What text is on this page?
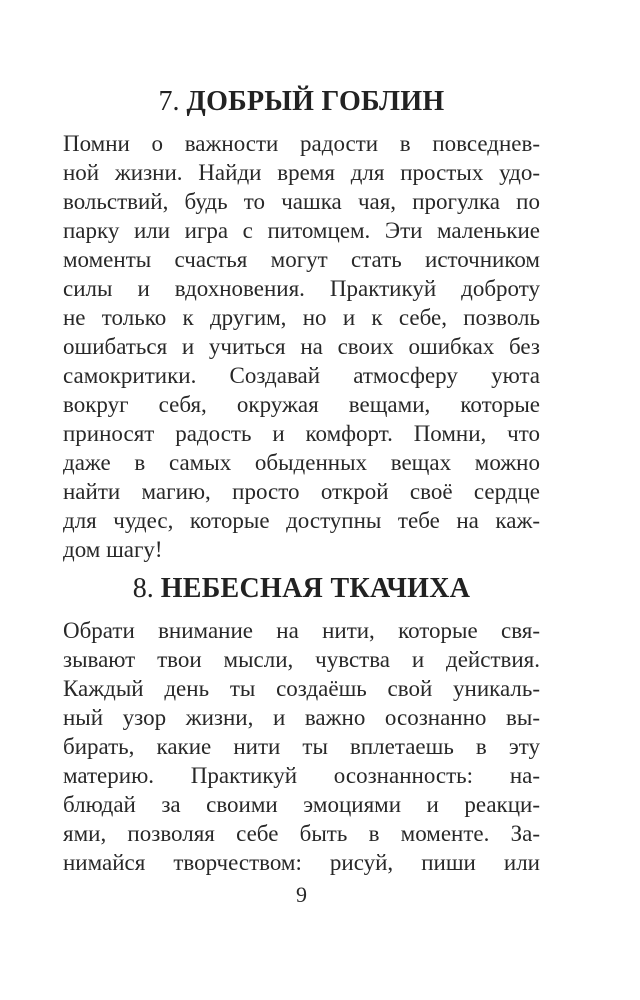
7. ДОБРЫЙ ГОБЛИН
Помни о важности радости в повседнев-
ной жизни. Найди время для простых удо-
вольствий, будь то чашка чая, прогулка по
парку или игра с питомцем. Эти маленькие
моменты счастья могут стать источником
силы и вдохновения. Практикуй доброту
не только к другим, но и к себе, позволь
ошибаться и учиться на своих ошибках без
самокритики. Создавай атмосферу уюта
вокруг себя, окружая вещами, которые
приносят радость и комфорт. Помни, что
даже в самых обыденных вещах можно
найти магию, просто открой своё сердце
для чудес, которые доступны тебе на каж-
дом шагу!
8. НЕБЕСНАЯ ТКАЧИХА
Обрати внимание на нити, которые свя-
зывают твои мысли, чувства и действия.
Каждый день ты создаёшь свой уникаль-
ный узор жизни, и важно осознанно вы-
бирать, какие нити ты вплетаешь в эту
материю. Практикуй осознанность: на-
блюдай за своими эмоциями и реакци-
ями, позволяя себе быть в моменте. За-
нимайся творчеством: рисуй, пиши или
9
